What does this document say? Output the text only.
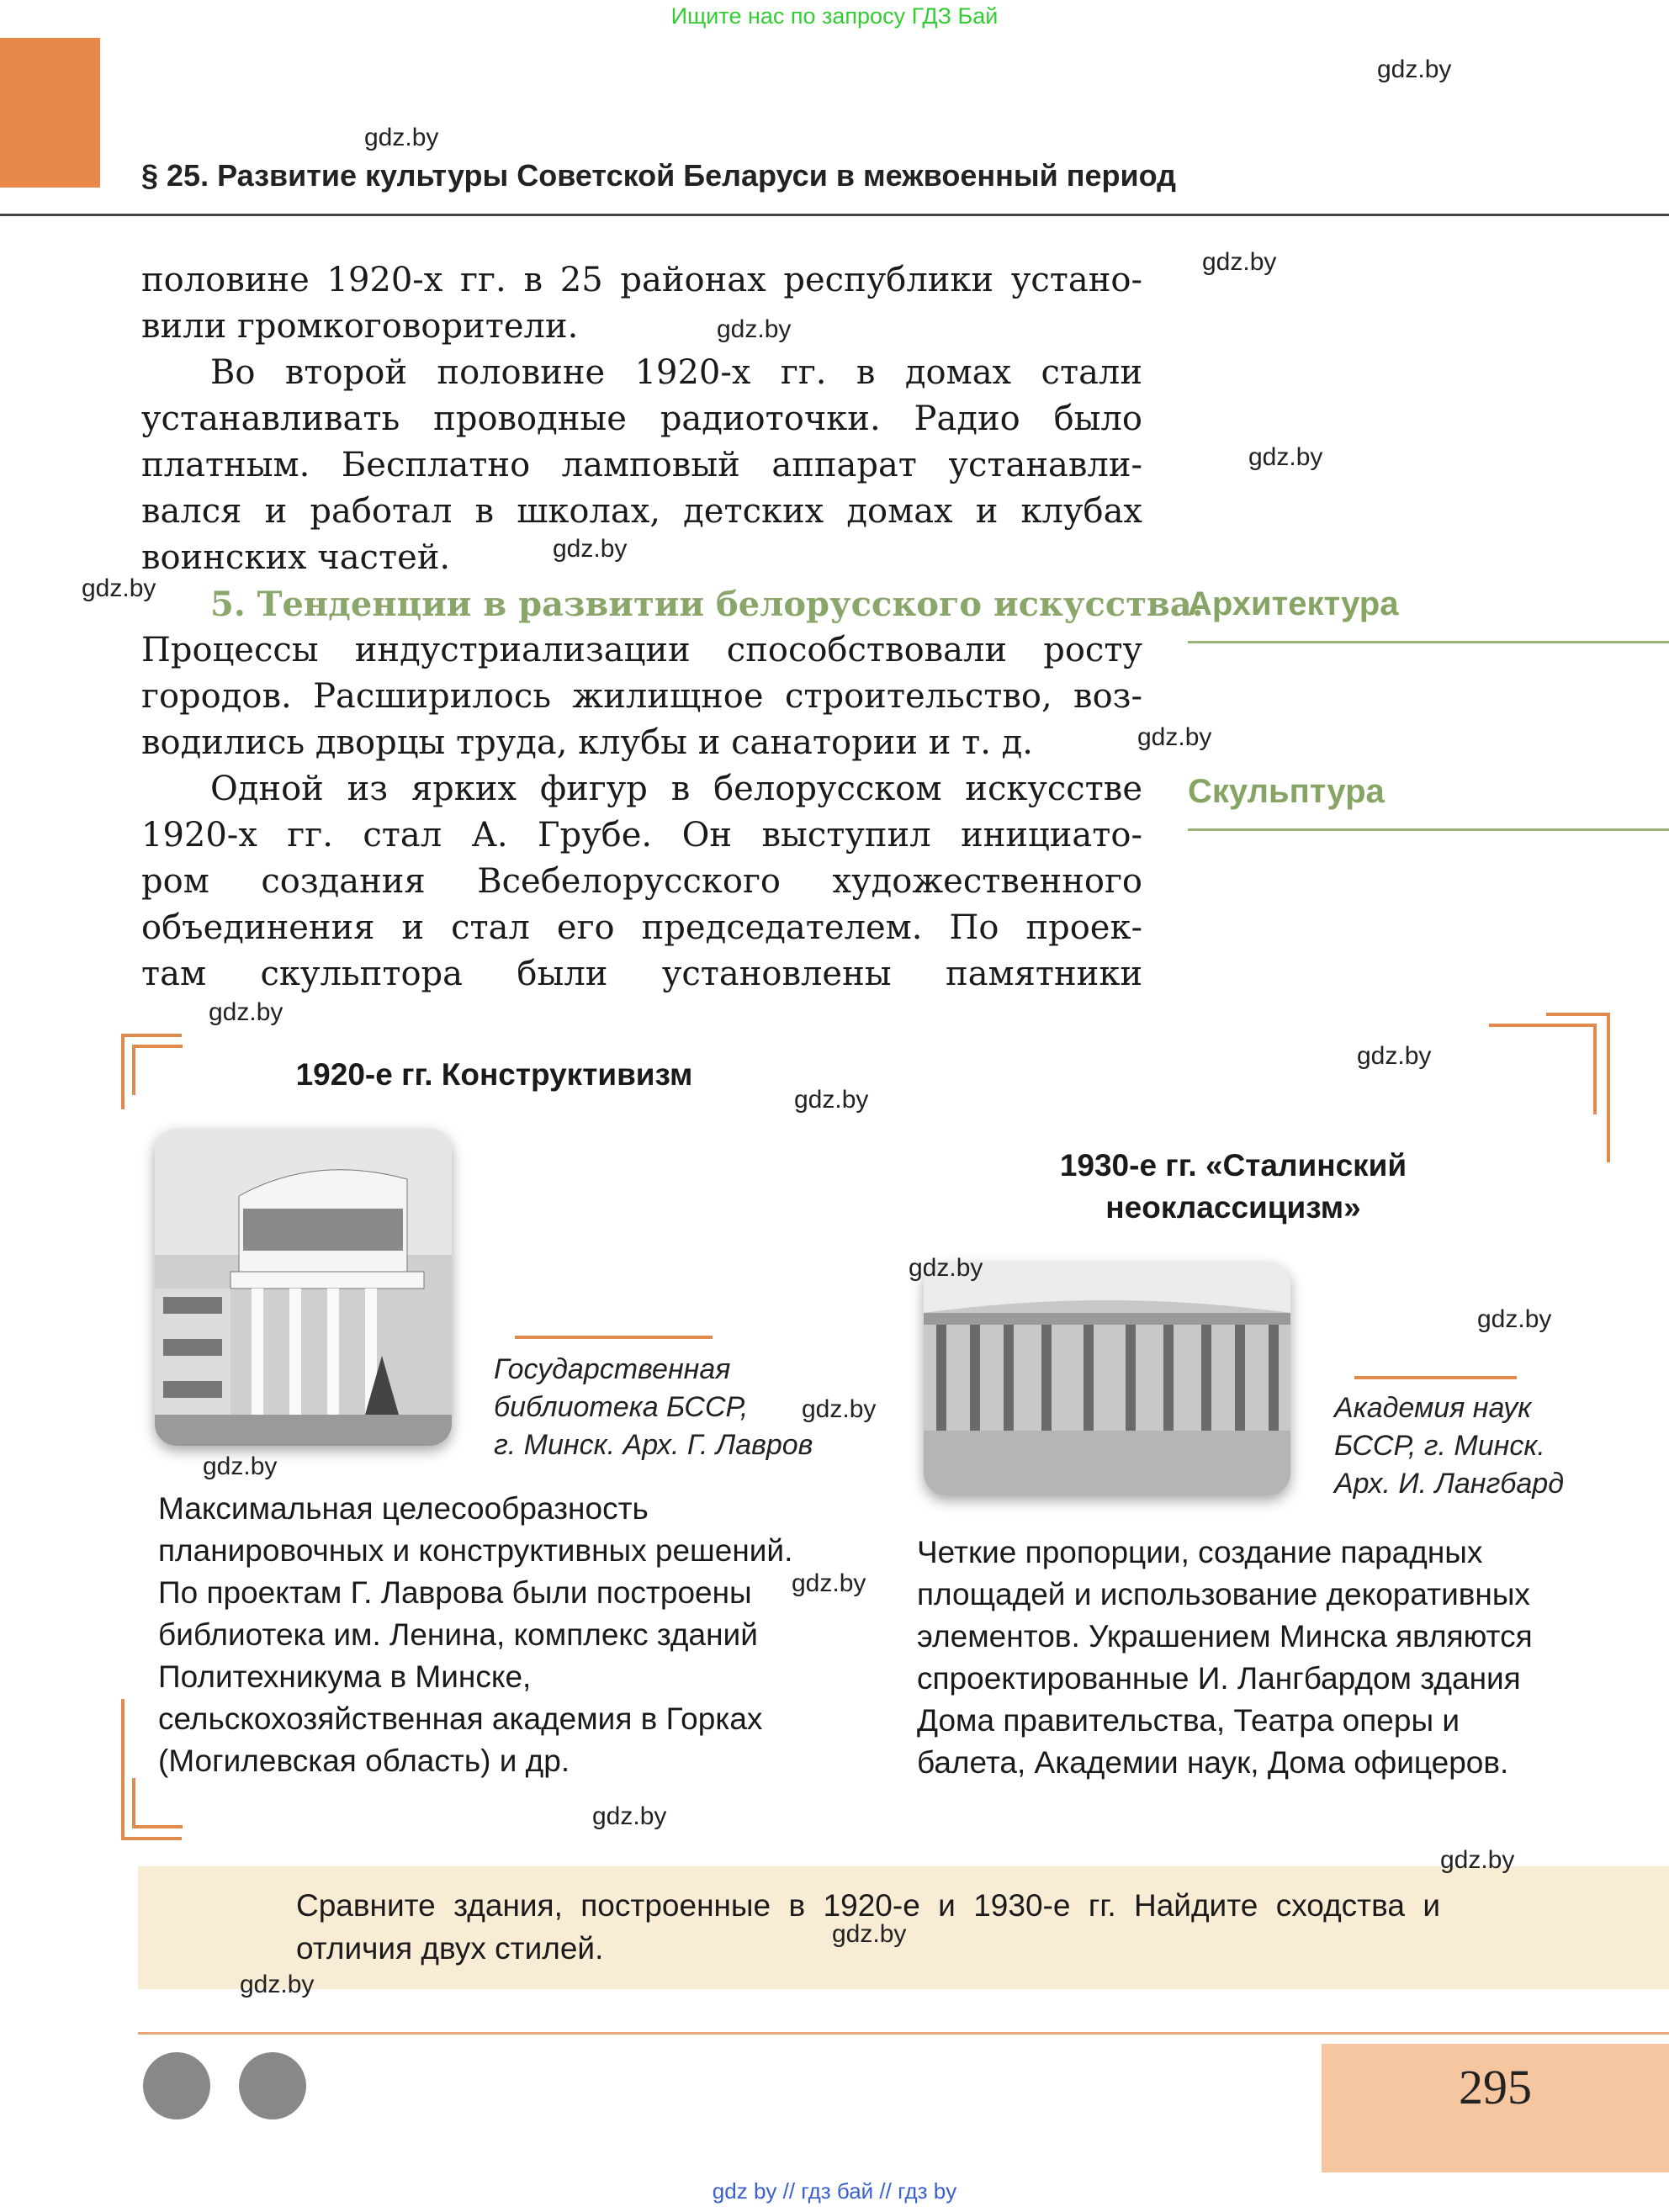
Ищите нас по запросу ГДЗ Бай
§ 25. Развитие культуры Советской Беларуси в межвоенный период
половине 1920-х гг. в 25 районах республики устано-
вили громкоговорители.
Во второй половине 1920-х гг. в домах стали
устанавливать проводные радиоточки. Радио было
платным. Бесплатно ламповый аппарат устанавли-
вался и работал в школах, детских домах и клубах
воинских частей.
5. Тенденции в развитии белорусского искусства.
Процессы индустриализации способствовали росту
городов. Расширилось жилищное строительство, воз-
водились дворцы труда, клубы и санатории и т. д.
Одной из ярких фигур в белорусском искусстве
1920-х гг. стал А. Грубе. Он выступил инициато-
ром создания Всебелорусского художественного
объединения и стал его председателем. По проек-
там скульптора были установлены памятники
Архитектура
Скульптура
1920-е гг. Конструктивизм
Государственная
библиотека БССР,
г. Минск. Арх. Г. Лавров
Максимальная целесообразность планировочных и конструктивных решений. По проектам Г. Лаврова были построены библиотека им. Ленина, комплекс зданий Политехникума в Минске, сельскохозяйственная академия в Горках (Могилевская область) и др.
1930-е гг. «Сталинский
неоклассицизм»
Академия наук
БССР, г. Минск.
Арх. И. Лангбард
Четкие пропорции, создание парадных площадей и использование декоративных элементов. Украшением Минска являются спроектированные И. Лангбардом здания Дома правительства, Театра оперы и балета, Академии наук, Дома офицеров.
Сравните здания, построенные в 1920-е и 1930-е гг. Найдите сходства и отличия двух стилей.
295
gdz by // гдз бай // гдз by
gdz.by
gdz.by
gdz.by
gdz.by
gdz.by
gdz.by
gdz.by
gdz.by
gdz.by
gdz.by
gdz.by
gdz.by
gdz.by
gdz.by
gdz.by
gdz.by
gdz.by
gdz.by
gdz.by
gdz.by
